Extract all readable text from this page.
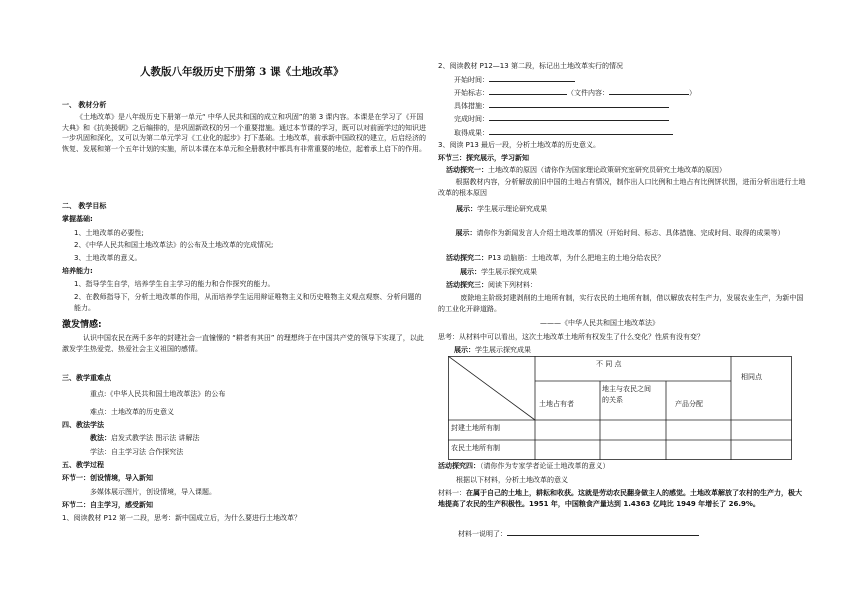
人教版八年级历史下册第 3 课《土地改革》
一、 教材分析
《土地改革》是八年级历史下册第一单元“ 中华人民共和国的成立和巩固”的第 3 课内容。本课是在学习了《开国大典》和《抗美援朝》之后编排的，是巩固新政权的另一个重要措施。通过本节课的学习，既可以对前面学过的知识进一步巩固和深化，又可以为第二单元学习《工业化的起步》打下基础。土地改革，前承新中国政权的建立，后启经济的恢复、发展和第一个五年计划的实施，所以本课在本单元和全册教材中都具有非常重要的地位，起着承上启下的作用。
二、 教学目标
掌握基础:
1、土地改革的必要性;
2、《中华人民共和国土地改革法》的公布及土地改革的完成情况;
3、土地改革的意义。
培养能力:
1、指导学生自学，培养学生自主学习的能力和合作探究的能力。
2、在教师指导下，分析土地改革的作用，从而培养学生运用辩证唯物主义和历史唯物主义观点观察、分析问题的能力。
激发情感:
认识中国农民在两千多年的封建社会一直憧憬的 “耕者有其田” 的理想终于在中国共产党的领导下实现了，以此激发学生热爱党、热爱社会主义祖国的感情。
三、教学重难点
重点:《中华人民共和国土地改革法》的公布
难点：土地改革的历史意义
四、教法学法
教法：启发式教学法 图示法 讲解法
学法：自主学习法 合作探究法
五、教学过程
环节一：创设情境，导入新知
多媒体展示图片，创设情境，导入课题。
环节二：自主学习，感受新知
1、阅读教材 P12 第一二段，思考：新中国成立后，为什么要进行土地改革？
2、阅读教材 P12—13 第二段，标记出土地改革实行的情况
开始时间：
开始标志：	（文件内容：	）
具体措施：
完成时间：
取得成果：
3、阅读 P13 最后一段，分析土地改革的历史意义。
环节三：探究展示，学习新知
活动探究一：土地改革的原因（请你作为国家理论政策研究室研究员研究土地改革的原因）
根据教材内容，分析解放前旧中国的土地占有情况，制作出人口比例和土地占有比例饼状图，进而分析出进行土地改革的根本原因
展示：学生展示理论研究成果
展示：请你作为新闻发言人介绍土地改革的情况（开始时间、标志、具体措施、完成时间、取得的成果等）
活动探究二：P13 动脑筋：土地改革，为什么把地主的土地分给农民？
展示：学生展示探究成果
活动探究三：阅读下列材料：
废除地主阶级封建剥削的土地所有制，实行农民的土地所有制，借以解放农村生产力，发展农业生产，为新中国的工业化开辟道路。
———《中华人民共和国土地改革法》
思考：从材料中可以看出，这次土地改革土地所有权发生了什么变化？性质有没有变？
展示：学生展示探究成果
不 同 点
相同点
土地占有者
地主与农民之间的关系
产品分配
封建土地所有制
农民土地所有制
活动探究四：（请你作为专家学者论证土地改革的意义）
根据以下材料，分析土地改革的意义
材料一：在属于自己的土地上，耕耘和收获。这就是劳动农民翻身做主人的感觉。土地改革解放了农村的生产力，极大地提高了农民的生产积极性。1951 年，中国粮食产量达到 1.4363 亿吨比 1949 年增长了 26.9%。
材料一说明了：
